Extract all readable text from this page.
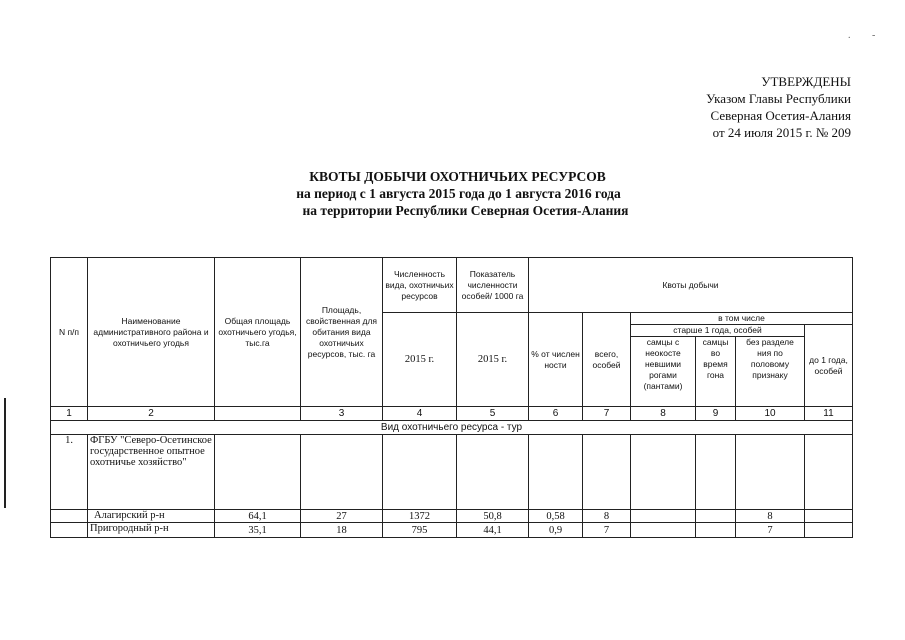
. -
УТВЕРЖДЕНЫ
Указом Главы Республики
Северная Осетия-Алания
от 24 июля 2015 г. № 209
КВОТЫ ДОБЫЧИ ОХОТНИЧЬИХ РЕСУРСОВ
на период с 1 августа 2015 года до 1 августа 2016 года
на территории Республики Северная Осетия-Алания
N п/п	Наименование административного района и охотничьего угодья	Общая площадь охотничьего угодья, тыс.га	Площадь, свойственная для обитания вида охотничьих ресурсов, тыс. га	Численность вида, охотничьих ресурсов	Показатель численности особей/ 1000 га	Квоты добычи					
				2015 г.	2015 г.	% от числен ности	всего, особей	в том числе			
								старше 1 года, особей			до 1 года, особей
								самцы с неокосте невшими рогами (пантами)	самцы во время гона	без разделе ния по половому признаку	

1	2		3	4	5	6	7	8	9	10	11
Вид охотничьего ресурса - тур											
1.	ФГБУ "Северо-Осетинское государственное опытное охотничье хозяйство"										
	Алагирский р-н	64,1	27	1372	50,8	0,58	8			8	
	Пригородный р-н	35,1	18	795	44,1	0,9	7			7	
